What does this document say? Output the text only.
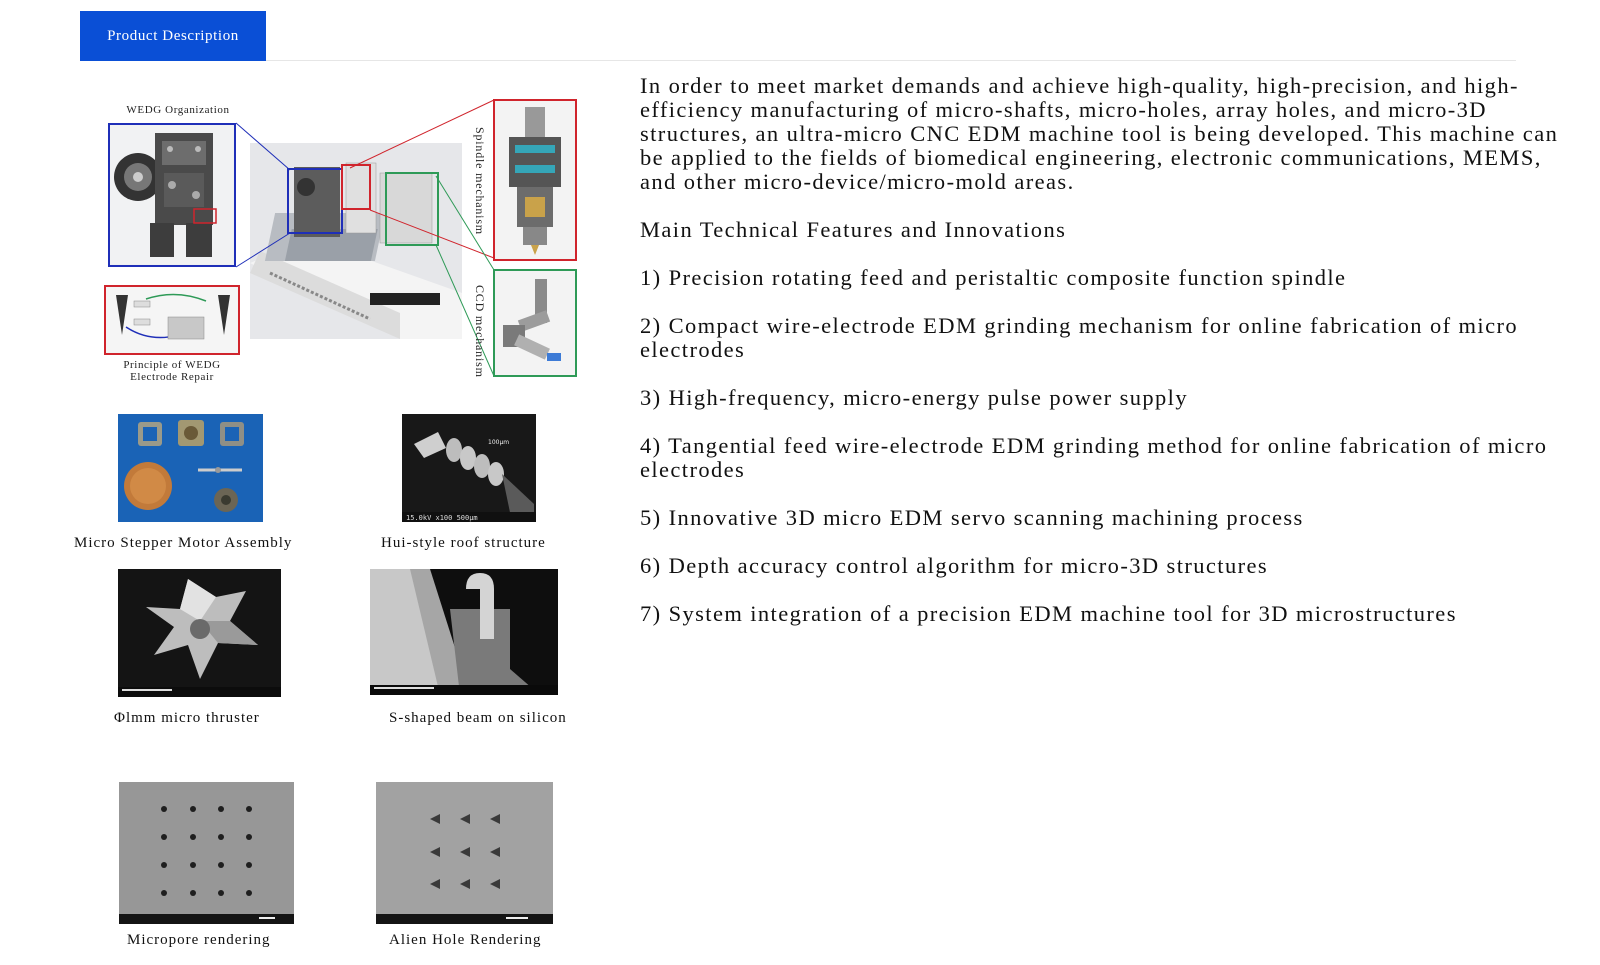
Product Description
WEDG Organization
Principle of WEDG
Electrode Repair
Spindle mechanism
CCD mechanism
Micro Stepper Motor Assembly
100μm
15.0kV x100 500μm
Hui-style roof structure
Φlmm micro thruster	S-shaped beam on silicon
Micropore rendering	Alien Hole Rendering

In order to meet market demands and achieve high-quality, high-precision, and high-efficiency manufacturing of micro-shafts, micro-holes, array holes, and micro-3D structures, an ultra-micro CNC EDM machine tool is being developed. This machine can be applied to the fields of biomedical engineering, electronic communications, MEMS, and other micro-device/micro-mold areas.

Main Technical Features and Innovations

1) Precision rotating feed and peristaltic composite function spindle

2) Compact wire-electrode EDM grinding mechanism for online fabrication of micro electrodes

3) High-frequency, micro-energy pulse power supply

4) Tangential feed wire-electrode EDM grinding method for online fabrication of micro electrodes

5) Innovative 3D micro EDM servo scanning machining process

6) Depth accuracy control algorithm for micro-3D structures

7) System integration of a precision EDM machine tool for 3D microstructures
